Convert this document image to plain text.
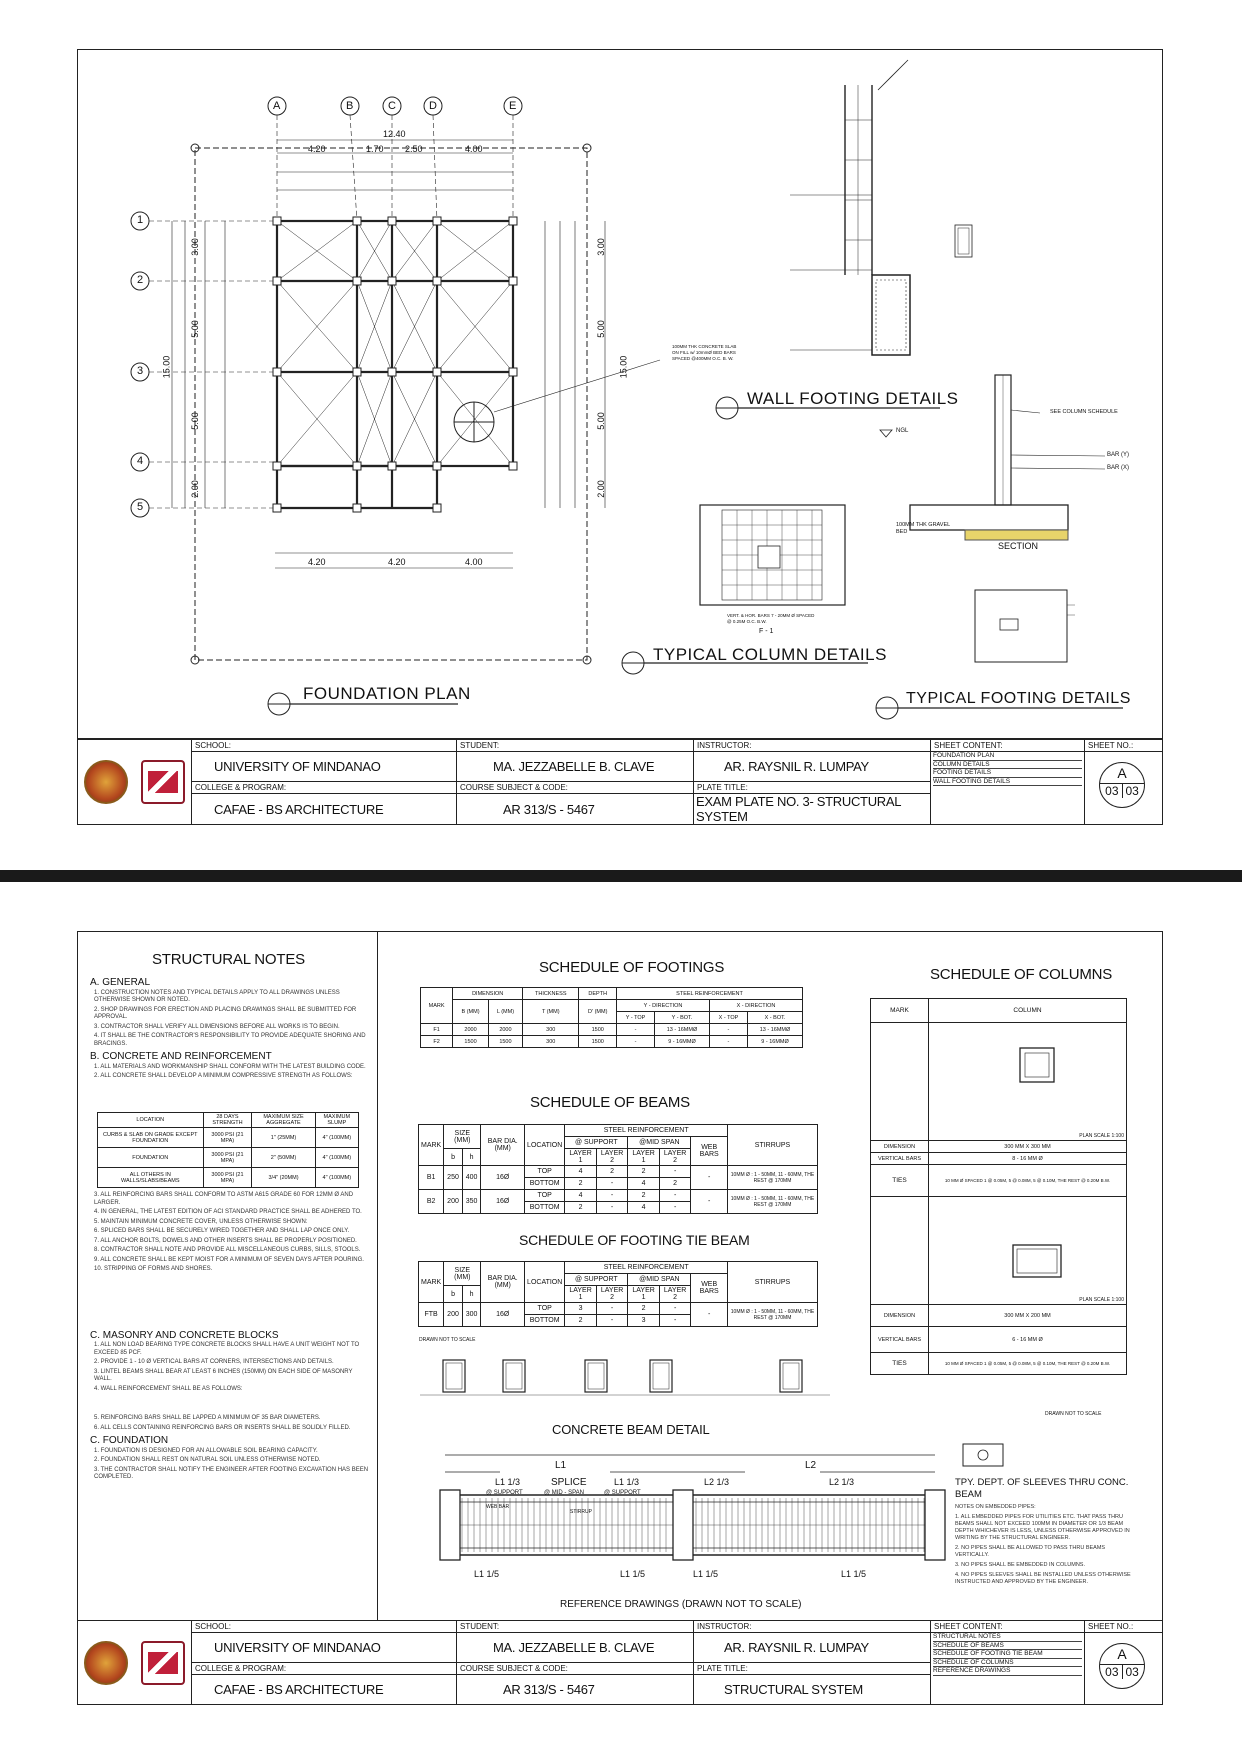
A	B	C	D	E
1
2
3
4
5
12.40
4.20	1.70 2.50	4.00
4.20	4.20	4.00
3.00
5.00
5.00
2.00
15.00
3.00
5.00
5.00
2.00
15.00
100MM THK CONCRETE SLAB ON FILL w/ 10mmØ BED BARS SPACED @400MM O.C. B. W.
SECTION
NGL
100MM THK GRAVEL BED
SEE COLUMN SCHEDULE
BAR (Y)
BAR (X)
VERT. & HOR. BARS 7 - 20MM Ø SPACED @ 0.25M O.C. B.W.
F - 1
FOUNDATION PLAN
WALL FOOTING DETAILS
TYPICAL COLUMN DETAILS
TYPICAL FOOTING DETAILS
SCHOOL:
UNIVERSITY OF MINDANAO
COLLEGE & PROGRAM:
CAFAE - BS ARCHITECTURE
STUDENT:
MA. JEZZABELLE B. CLAVE
COURSE SUBJECT & CODE:
AR 313/S - 5467
INSTRUCTOR:
AR. RAYSNIL R. LUMPAY
PLATE TITLE:
EXAM PLATE NO. 3- STRUCTURAL SYSTEM
SHEET CONTENT:
FOUNDATION PLAN
COLUMN DETAILS
FOOTING DETAILS
WALL FOOTING DETAILS
SHEET NO.:
A
03 03
STRUCTURAL NOTES
A. GENERAL

1. CONSTRUCTION NOTES AND TYPICAL DETAILS APPLY TO ALL DRAWINGS UNLESS OTHERWISE SHOWN OR NOTED.

2. SHOP DRAWINGS FOR ERECTION AND PLACING DRAWINGS SHALL BE SUBMITTED FOR APPROVAL.

3. CONTRACTOR SHALL VERIFY ALL DIMENSIONS BEFORE ALL WORKS IS TO BEGIN.

4. IT SHALL BE THE CONTRACTOR'S RESPONSIBILITY TO PROVIDE ADEQUATE SHORING AND BRACINGS.

B. CONCRETE AND REINFORCEMENT

1. ALL MATERIALS AND WORKMANSHIP SHALL CONFORM WITH THE LATEST BUILDING CODE.

2. ALL CONCRETE SHALL DEVELOP A MINIMUM COMPRESSIVE STRENGTH AS FOLLOWS:

LOCATION	28 DAYS STRENGTH	MAXIMUM SIZE AGGREGATE	MAXIMUM SLUMP
CURBS & SLAB ON GRADE EXCEPT FOUNDATION	3000 PSI (21 MPA)	1" (25MM)	4" (100MM)
FOUNDATION	3000 PSI (21 MPA)	2" (50MM)	4" (100MM)
ALL OTHERS IN WALLS/SLABS/BEAMS	3000 PSI (21 MPA)	3/4" (20MM)	4" (100MM)

3. ALL REINFORCING BARS SHALL CONFORM TO ASTM A615 GRADE 60 FOR 12MM Ø AND LARGER.

4. IN GENERAL, THE LATEST EDITION OF ACI STANDARD PRACTICE SHALL BE ADHERED TO.

5. MAINTAIN MINIMUM CONCRETE COVER, UNLESS OTHERWISE SHOWN:

6. SPLICED BARS SHALL BE SECURELY WIRED TOGETHER AND SHALL LAP ONCE ONLY.

7. ALL ANCHOR BOLTS, DOWELS AND OTHER INSERTS SHALL BE PROPERLY POSITIONED.

8. CONTRACTOR SHALL NOTE AND PROVIDE ALL MISCELLANEOUS CURBS, SILLS, STOOLS.

9. ALL CONCRETE SHALL BE KEPT MOIST FOR A MINIMUM OF SEVEN DAYS AFTER POURING.

10. STRIPPING OF FORMS AND SHORES.

C. MASONRY AND CONCRETE BLOCKS

1. ALL NON LOAD BEARING TYPE CONCRETE BLOCKS SHALL HAVE A UNIT WEIGHT NOT TO EXCEED 85 PCF.

2. PROVIDE 1 - 10 Ø VERTICAL BARS AT CORNERS, INTERSECTIONS AND DETAILS.

3. LINTEL BEAMS SHALL BEAR AT LEAST 6 INCHES (150MM) ON EACH SIDE OF MASONRY WALL.

4. WALL REINFORCEMENT SHALL BE AS FOLLOWS:

5. REINFORCING BARS SHALL BE LAPPED A MINIMUM OF 35 BAR DIAMETERS.

6. ALL CELLS CONTAINING REINFORCING BARS OR INSERTS SHALL BE SOLIDLY FILLED.

C. FOUNDATION

1. FOUNDATION IS DESIGNED FOR AN ALLOWABLE SOIL BEARING CAPACITY.

2. FOUNDATION SHALL REST ON NATURAL SOIL UNLESS OTHERWISE NOTED.

3. THE CONTRACTOR SHALL NOTIFY THE ENGINEER AFTER FOOTING EXCAVATION HAS BEEN COMPLETED.

SCHEDULE OF FOOTINGS
MARK	DIMENSION		THICKNESS	DEPTH	STEEL REINFORCEMENT			
	B (MM)	L (MM)	T (MM)	D' (MM)	Y - DIRECTION		X - DIRECTION	
					Y - TOP	Y - BOT.	X - TOP	X - BOT.
F1	2000	2000	300	1500	-	13 - 16MMØ	-	13 - 16MMØ
F2	1500	1500	300	1500	-	9 - 16MMØ	-	9 - 16MMØ
SCHEDULE OF BEAMS
MARK	SIZE (MM)		BAR DIA. (MM)	LOCATION	STEEL REINFORCEMENT					STIRRUPS
					@ SUPPORT		@MID SPAN		WEB BARS	
	b	h			LAYER 1	LAYER 2	LAYER 1	LAYER 2		
B1	250	400	16Ø	TOP	4	2	2	-	-	10MM Ø : 1 - 50MM, 11 - 60MM, THE REST @ 170MM
				BOTTOM	2	-	4	2		
B2	200	350	16Ø	TOP	4	-	2	-	-	10MM Ø : 1 - 50MM, 11 - 60MM, THE REST @ 170MM
				BOTTOM	2	-	4	-		
SCHEDULE OF FOOTING TIE BEAM
MARK	SIZE (MM)		BAR DIA. (MM)	LOCATION	STEEL REINFORCEMENT					STIRRUPS
					@ SUPPORT		@MID SPAN		WEB BARS	
	b	h			LAYER 1	LAYER 2	LAYER 1	LAYER 2		
FTB	200	300	16Ø	TOP	3	-	2	-	-	10MM Ø : 1 - 50MM, 11 - 60MM, THE REST @ 170MM
				BOTTOM	2	-	3	-		
DRAWN NOT TO SCALE
CONCRETE BEAM DETAIL
L1	L2
L1 1/3	L1 1/3	L2 1/3	L2 1/3
SPLICE
@ SUPPORT	@ MID - SPAN	@ SUPPORT
WEB BAR
STIRRUP
L1 1/5	L1 1/5	L1 1/5	L1 1/5
REFERENCE DRAWINGS (DRAWN NOT TO SCALE)
SCHEDULE OF COLUMNS
MARK	COLUMN
	PLAN SCALE 1:100
DIMENSION	300 MM X 300 MM
VERTICAL BARS	8 - 16 MM Ø
TIES	10 MM Ø SPACED 1 @ 0.05M, 5 @ 0.08M, 5 @ 0.10M, THE REST @ 0.20M B.W.
	PLAN SCALE 1:100
DIMENSION	300 MM X 200 MM
VERTICAL BARS	6 - 16 MM Ø
TIES	10 MM Ø SPACED 1 @ 0.05M, 5 @ 0.08M, 5 @ 0.10M, THE REST @ 0.20M B.W.
DRAWN NOT TO SCALE
TPY. DEPT. OF SLEEVES THRU CONC. BEAM

NOTES ON EMBEDDED PIPES:

1. ALL EMBEDDED PIPES FOR UTILITIES ETC. THAT PASS THRU BEAMS SHALL NOT EXCEED 100MM IN DIAMETER OR 1/3 BEAM DEPTH WHICHEVER IS LESS, UNLESS OTHERWISE APPROVED IN WRITING BY THE STRUCTURAL ENGINEER.

2. NO PIPES SHALL BE ALLOWED TO PASS THRU BEAMS VERTICALLY.

3. NO PIPES SHALL BE EMBEDDED IN COLUMNS.

4. NO PIPES SLEEVES SHALL BE INSTALLED UNLESS OTHERWISE INSTRUCTED AND APPROVED BY THE ENGINEER.

SCHOOL:
UNIVERSITY OF MINDANAO
COLLEGE & PROGRAM:
CAFAE - BS ARCHITECTURE
STUDENT:
MA. JEZZABELLE B. CLAVE
COURSE SUBJECT & CODE:
AR 313/S - 5467
INSTRUCTOR:
AR. RAYSNIL R. LUMPAY
PLATE TITLE:
STRUCTURAL SYSTEM
SHEET CONTENT:
STRUCTURAL NOTES
SCHEDULE OF BEAMS
SCHEDULE OF FOOTING TIE BEAM
SCHEDULE OF COLUMNS
REFERENCE DRAWINGS
SHEET NO.:
A
03 03
